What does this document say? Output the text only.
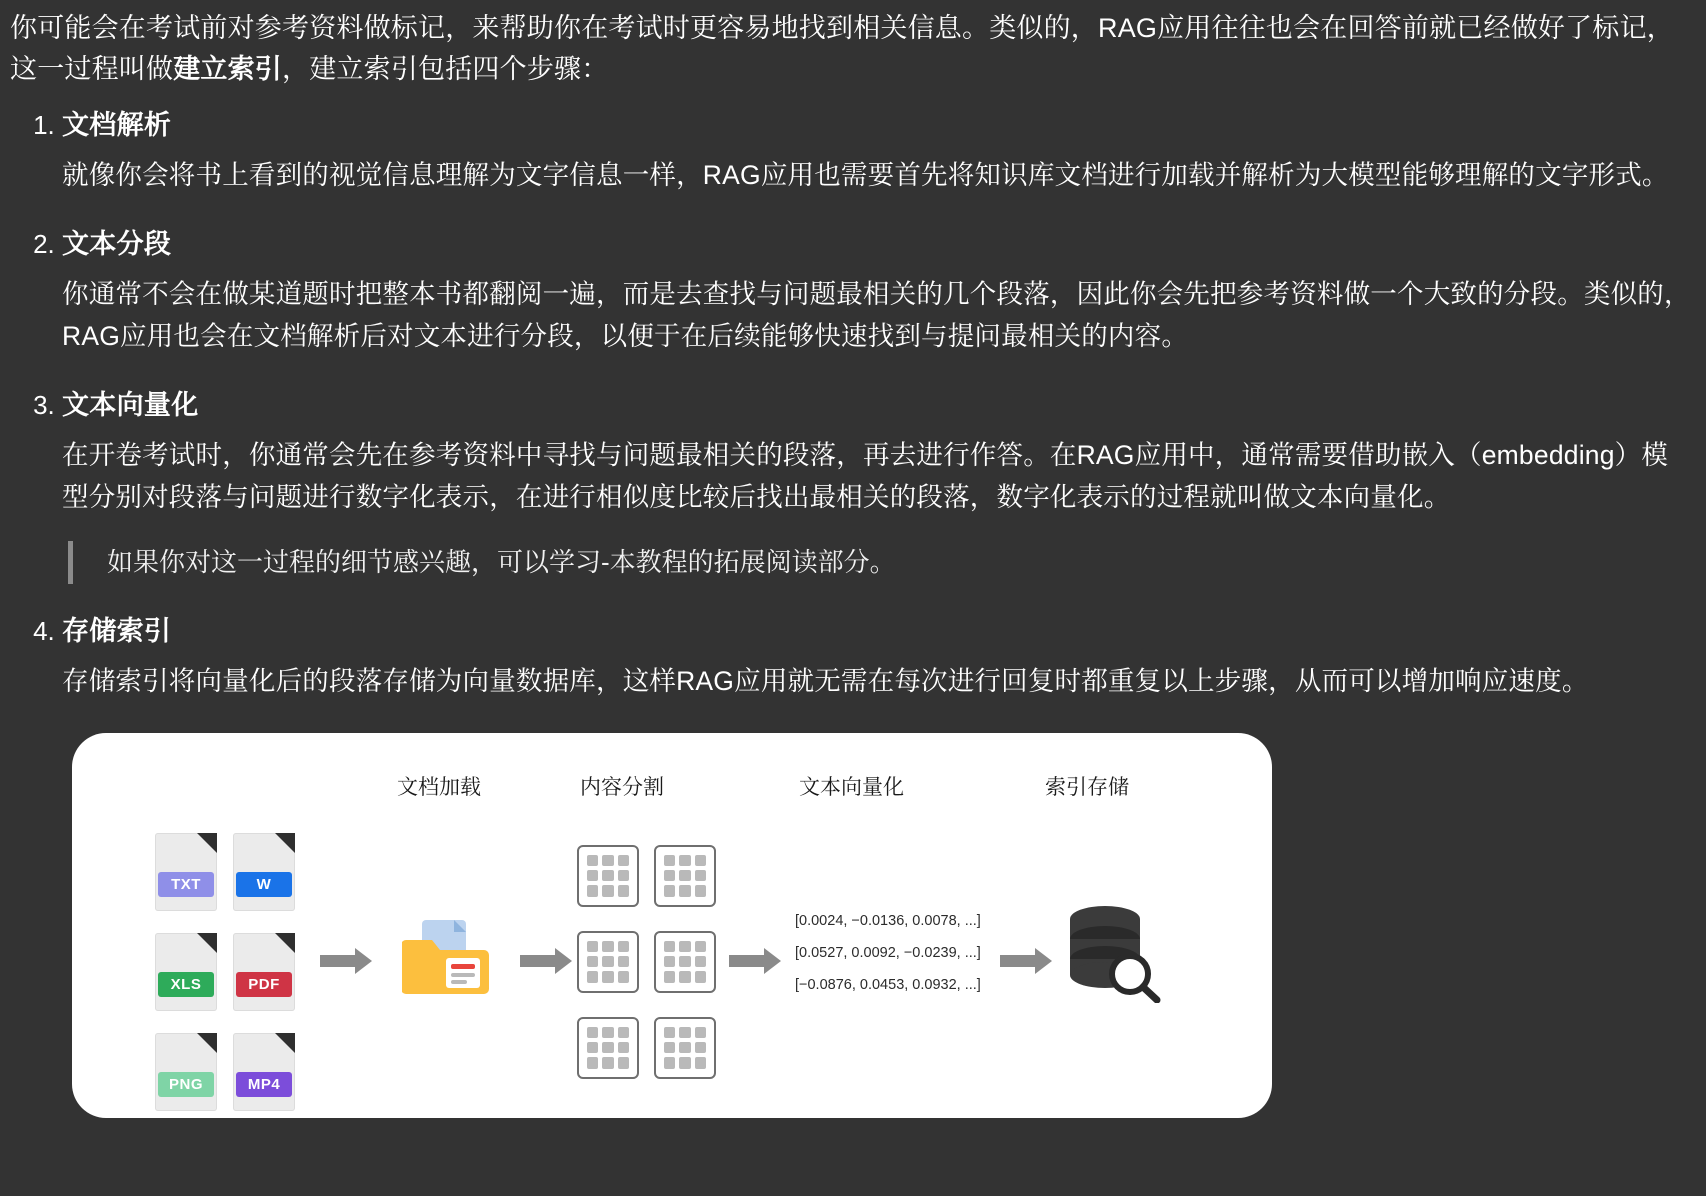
你可能会在考试前对参考资料做标记，来帮助你在考试时更容易地找到相关信息。类似的，RAG应用往往也会在回答前就已经做好了标记，这一过程叫做建立索引，建立索引包括四个步骤：

1. 文档解析
就像你会将书上看到的视觉信息理解为文字信息一样，RAG应用也需要首先将知识库文档进行加载并解析为大模型能够理解的文字形式。
2. 文本分段
你通常不会在做某道题时把整本书都翻阅一遍，而是去查找与问题最相关的几个段落，因此你会先把参考资料做一个大致的分段。类似的，RAG应用也会在文档解析后对文本进行分段，以便于在后续能够快速找到与提问最相关的内容。
3. 文本向量化
在开卷考试时，你通常会先在参考资料中寻找与问题最相关的段落，再去进行作答。在RAG应用中，通常需要借助嵌入（embedding）模型分别对段落与问题进行数字化表示，在进行相似度比较后找出最相关的段落，数字化表示的过程就叫做文本向量化。
如果你对这一过程的细节感兴趣，可以学习-本教程的拓展阅读部分。
4. 存储索引
存储索引将向量化后的段落存储为向量数据库，这样RAG应用就无需在每次进行回复时都重复以上步骤，从而可以增加响应速度。
文档加载	内容分割	文本向量化	索引存储
TXT	W
XLS	PDF
PNG	MP4
[0.0024, −0.0136, 0.0078, ...]
[0.0527, 0.0092, −0.0239, ...]
[−0.0876, 0.0453, 0.0932, ...]
